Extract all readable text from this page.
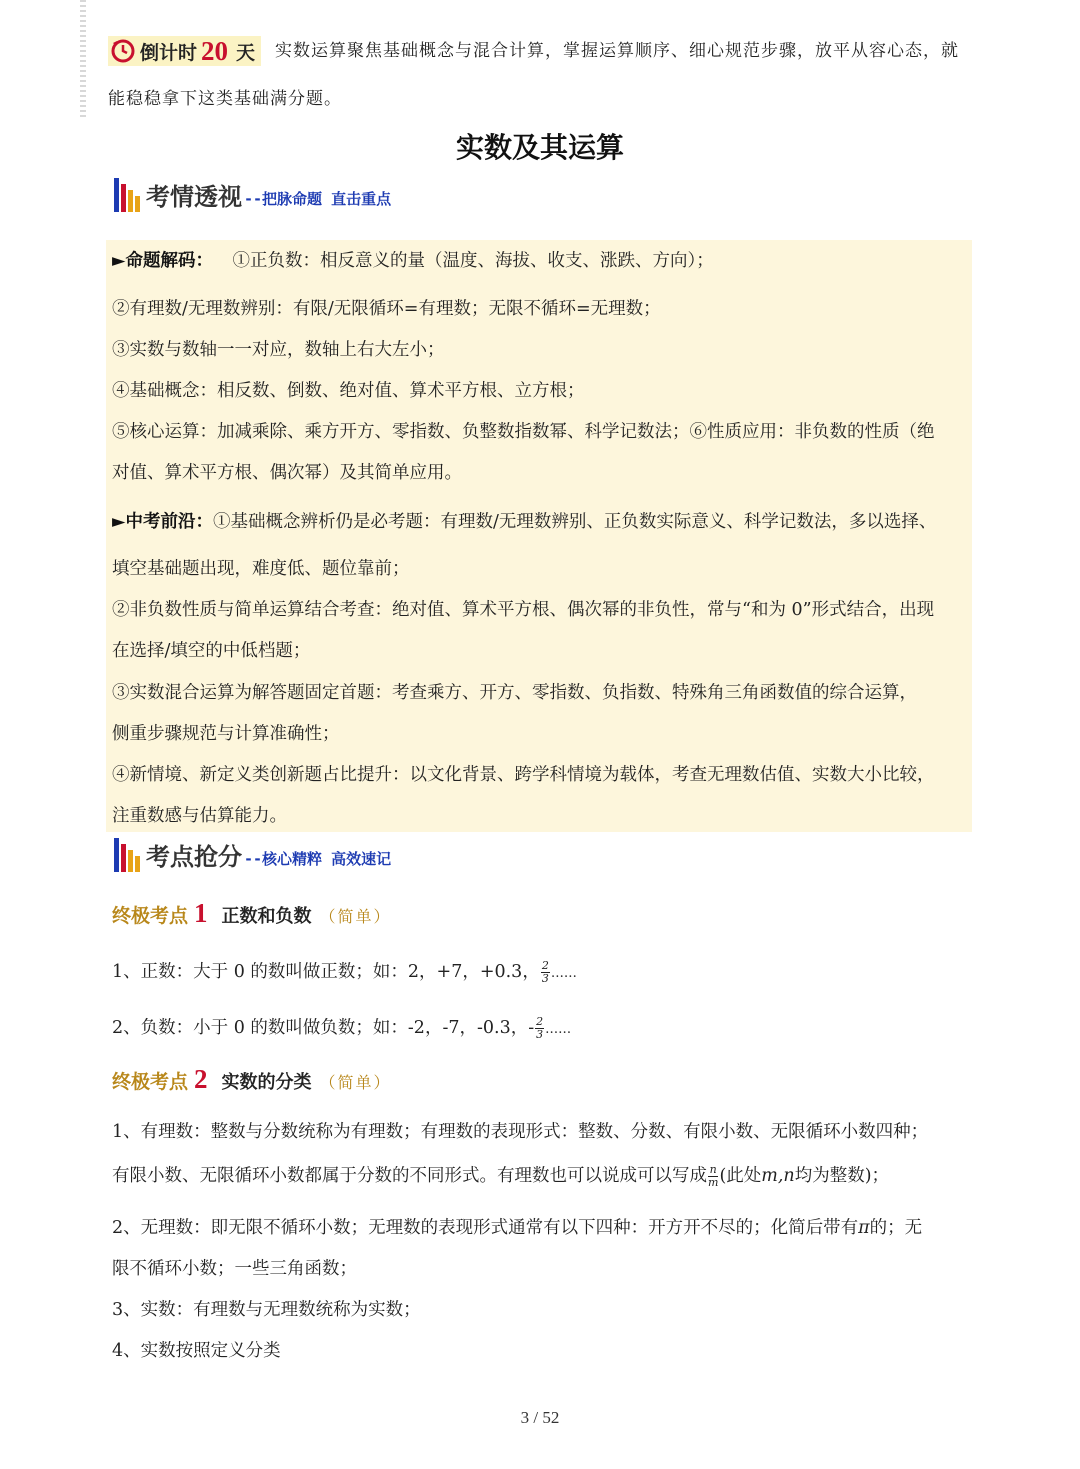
倒计时 20 天	实数运算聚焦基础概念与混合计算，掌握运算顺序、细心规范步骤，放平从容心态，就能稳稳拿下这类基础满分题。
实数及其运算
考情透视 --把脉命题 直击重点
►命题解码： ①正负数：相反意义的量（温度、海拔、收支、涨跌、方向）；
②有理数/无理数辨别：有限/无限循环=有理数；无限不循环=无理数；
③实数与数轴一一对应，数轴上右大左小；
④基础概念：相反数、倒数、绝对值、算术平方根、立方根；
⑤核心运算：加减乘除、乘方开方、零指数、负整数指数幂、科学记数法；⑥性质应用：非负数的性质（绝
对值、算术平方根、偶次幂）及其简单应用。
►中考前沿：①基础概念辨析仍是必考题：有理数/无理数辨别、正负数实际意义、科学记数法，多以选择、
填空基础题出现，难度低、题位靠前；
②非负数性质与简单运算结合考查：绝对值、算术平方根、偶次幂的非负性，常与“和为 0”形式结合，出现
在选择/填空的中低档题；
③实数混合运算为解答题固定首题：考查乘方、开方、零指数、负指数、特殊角三角函数值的综合运算，
侧重步骤规范与计算准确性；
④新情境、新定义类创新题占比提升：以文化背景、跨学科情境为载体，考查无理数估值、实数大小比较，
注重数感与估算能力。
考点抢分 --核心精粹 高效速记
终极考点 1 正数和负数 （简单）
1、正数：大于 0 的数叫做正数；如：2，+7，+0.3， $\frac{2}{3}$ ……
2、负数：小于 0 的数叫做负数；如：-2，-7，-0.3，- $\frac{2}{3}$ ……
终极考点 2 实数的分类 （简单）
1、有理数：整数与分数统称为有理数；有理数的表现形式：整数、分数、有限小数、无限循环小数四种；
有限小数、无限循环小数都属于分数的不同形式。有理数也可以说成可以写成 $\frac{n}{m}$ (此处m,n均为整数)；
2、无理数：即无限不循环小数；无理数的表现形式通常有以下四种：开方开不尽的；化简后带有π的；无
限不循环小数；一些三角函数；
3、实数：有理数与无理数统称为实数；
4、实数按照定义分类
3 / 52
